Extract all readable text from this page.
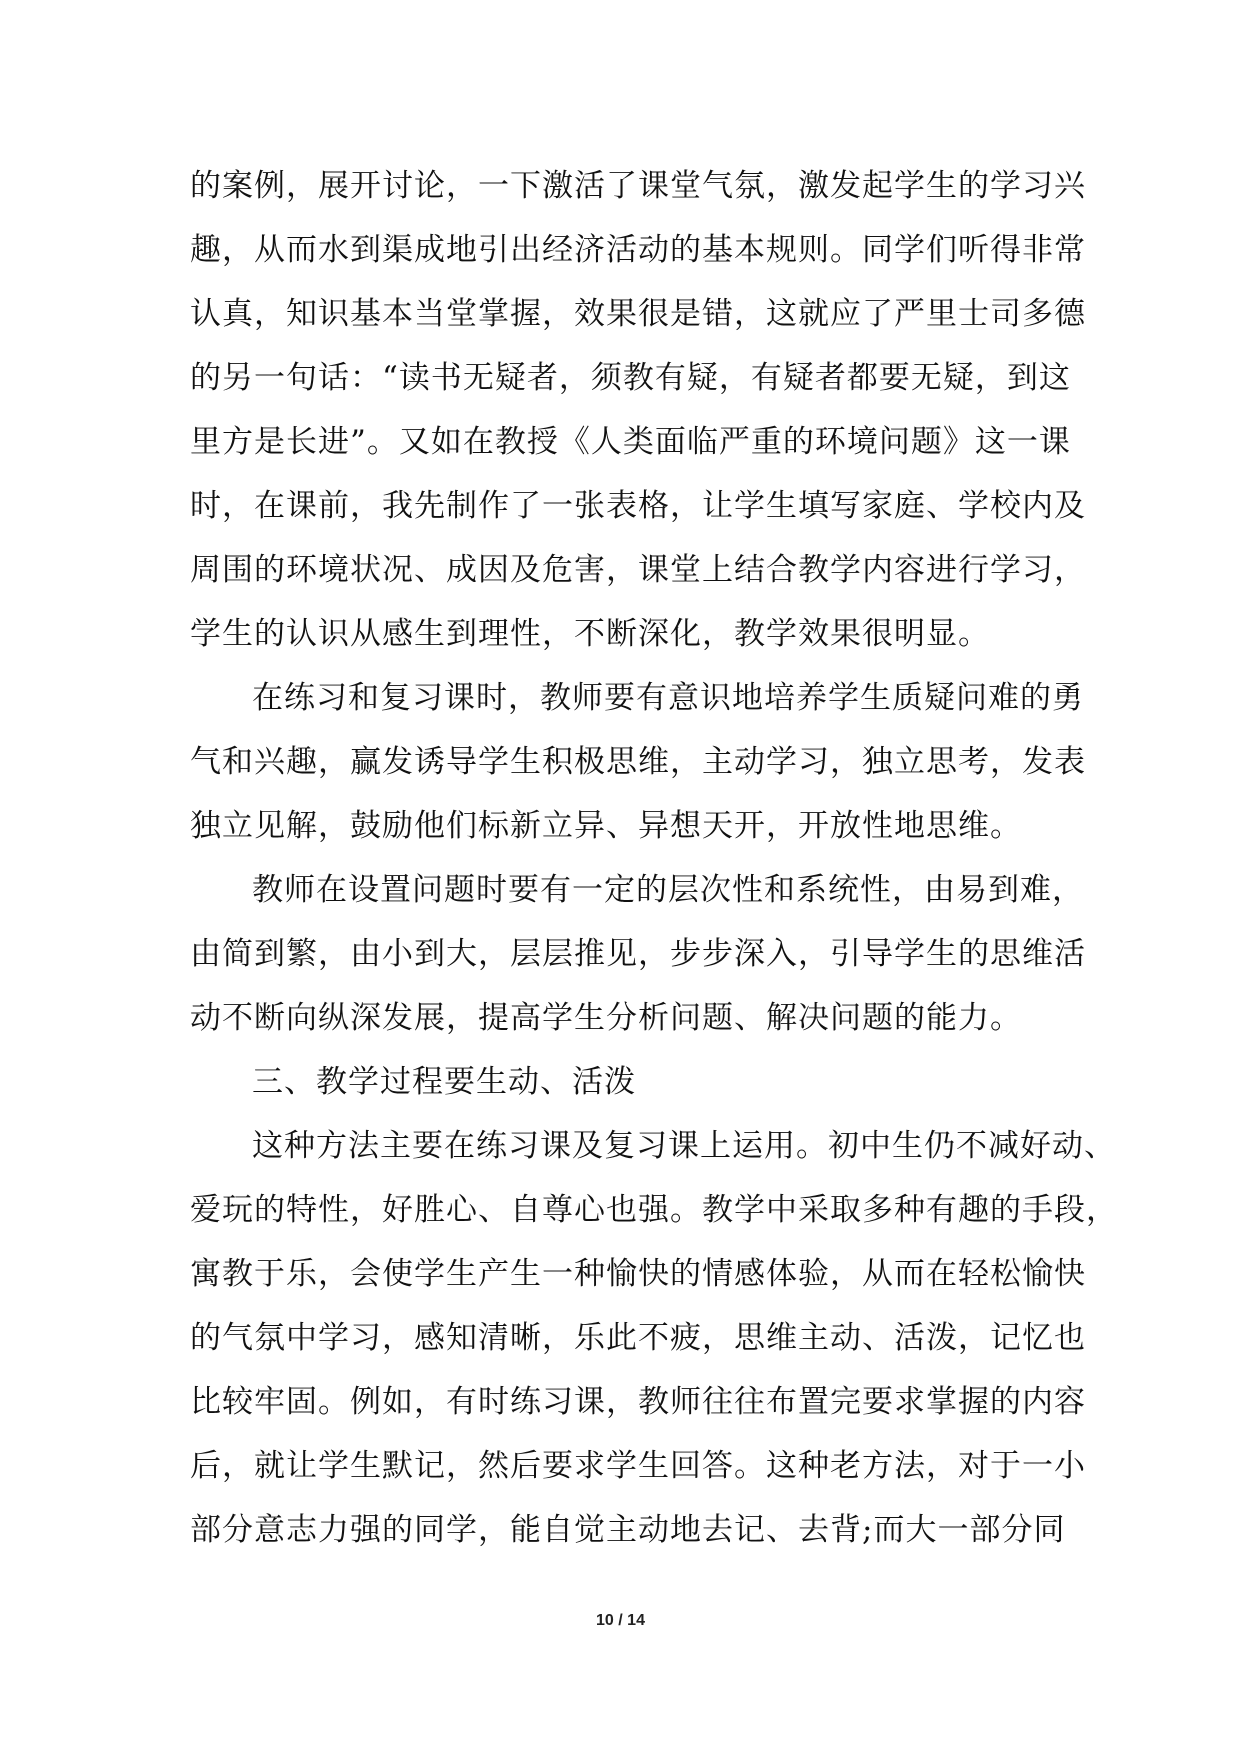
的案例，展开讨论，一下激活了课堂气氛，激发起学生的学习兴
趣，从而水到渠成地引出经济活动的基本规则。同学们听得非常
认真，知识基本当堂掌握，效果很是错，这就应了严里士司多德
的另一句话：“读书无疑者，须教有疑，有疑者都要无疑，到这
里方是长进”。又如在教授《人类面临严重的环境问题》这一课
时，在课前，我先制作了一张表格，让学生填写家庭、学校内及
周围的环境状况、成因及危害，课堂上结合教学内容进行学习，
学生的认识从感生到理性，不断深化，教学效果很明显。
在练习和复习课时，教师要有意识地培养学生质疑问难的勇
气和兴趣，赢发诱导学生积极思维，主动学习，独立思考，发表
独立见解，鼓励他们标新立异、异想天开，开放性地思维。
教师在设置问题时要有一定的层次性和系统性，由易到难，
由简到繁，由小到大，层层推见，步步深入，引导学生的思维活
动不断向纵深发展，提高学生分析问题、解决问题的能力。
三、教学过程要生动、活泼
这种方法主要在练习课及复习课上运用。初中生仍不减好动、
爱玩的特性，好胜心、自尊心也强。教学中采取多种有趣的手段，
寓教于乐，会使学生产生一种愉快的情感体验，从而在轻松愉快
的气氛中学习，感知清晰，乐此不疲，思维主动、活泼，记忆也
比较牢固。例如，有时练习课，教师往往布置完要求掌握的内容
后，就让学生默记，然后要求学生回答。这种老方法，对于一小
部分意志力强的同学，能自觉主动地去记、去背;而大一部分同
10 / 14
